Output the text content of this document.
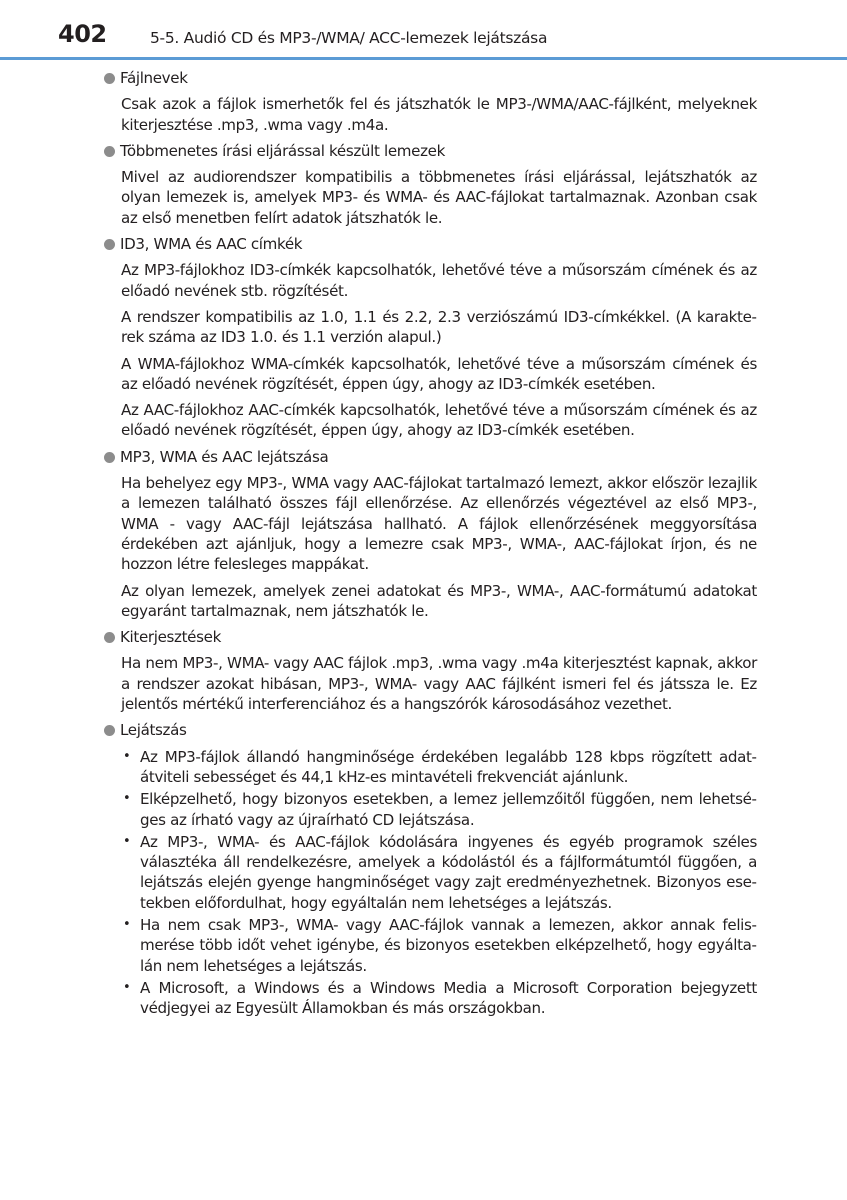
402	5-5. Audió CD és MP3-/WMA/ ACC-lemezek lejátszása
Fájlnevek

Csak azok a fájlok ismerhetők fel és játszhatók le MP3-/WMA/AAC-fájlként, melyeknek kiterjesztése .mp3, .wma vagy .m4a.

Többmenetes írási eljárással készült lemezek

Mivel az audiorendszer kompatibilis a többmenetes írási eljárással, lejátszhatók az olyan lemezek is, amelyek MP3- és WMA- és AAC-fájlokat tartalmaznak. Azonban csak az első menetben felírt adatok játszhatók le.

ID3, WMA és AAC címkék

Az MP3-fájlokhoz ID3-címkék kapcsolhatók, lehetővé téve a műsorszám címének és az előadó nevének stb. rögzítését.

A rendszer kompatibilis az 1.0, 1.1 és 2.2, 2.3 verziószámú ID3-címkékkel. (A karakterek száma az ID3 1.0. és 1.1 verzión alapul.)

A WMA-fájlokhoz WMA-címkék kapcsolhatók, lehetővé téve a műsorszám címének és az előadó nevének rögzítését, éppen úgy, ahogy az ID3-címkék esetében.

Az AAC-fájlokhoz AAC-címkék kapcsolhatók, lehetővé téve a műsorszám címének és az előadó nevének rögzítését, éppen úgy, ahogy az ID3-címkék esetében.

MP3, WMA és AAC lejátszása

Ha behelyez egy MP3-, WMA vagy AAC-fájlokat tartalmazó lemezt, akkor először lezajlik a lemezen található összes fájl ellenőrzése. Az ellenőrzés végeztével az első MP3-, WMA - vagy AAC-fájl lejátszása hallható. A fájlok ellenőrzésének meggyorsítása érdekében azt ajánljuk, hogy a lemezre csak MP3-, WMA-, AAC-fájlokat írjon, és ne hozzon létre felesleges mappákat.

Az olyan lemezek, amelyek zenei adatokat és MP3-, WMA-, AAC-formátumú adatokat egyaránt tartalmaznak, nem játszhatók le.

Kiterjesztések

Ha nem MP3-, WMA- vagy AAC fájlok .mp3, .wma vagy .m4a kiterjesztést kapnak, akkor a rendszer azokat hibásan, MP3-, WMA- vagy AAC fájlként ismeri fel és játssza le. Ez jelentős mértékű interferenciához és a hangszórók károsodásához vezethet.

Lejátszás
• Az MP3-fájlok állandó hangminősége érdekében legalább 128 kbps rögzített adatátviteli sebességet és 44,1 kHz-es mintavételi frekvenciát ajánlunk.
• Elképzelhető, hogy bizonyos esetekben, a lemez jellemzőitől függően, nem lehetséges az írható vagy az újraírható CD lejátszása.
• Az MP3-, WMA- és AAC-fájlok kódolására ingyenes és egyéb programok széles választéka áll rendelkezésre, amelyek a kódolástól és a fájlformátumtól függően, a lejátszás elején gyenge hangminőséget vagy zajt eredményezhetnek. Bizonyos esetekben előfordulhat, hogy egyáltalán nem lehetséges a lejátszás.
• Ha nem csak MP3-, WMA- vagy AAC-fájlok vannak a lemezen, akkor annak felismerése több időt vehet igénybe, és bizonyos esetekben elképzelhető, hogy egyáltalán nem lehetséges a lejátszás.
• A Microsoft, a Windows és a Windows Media a Microsoft Corporation bejegyzett védjegyei az Egyesült Államokban és más országokban.
